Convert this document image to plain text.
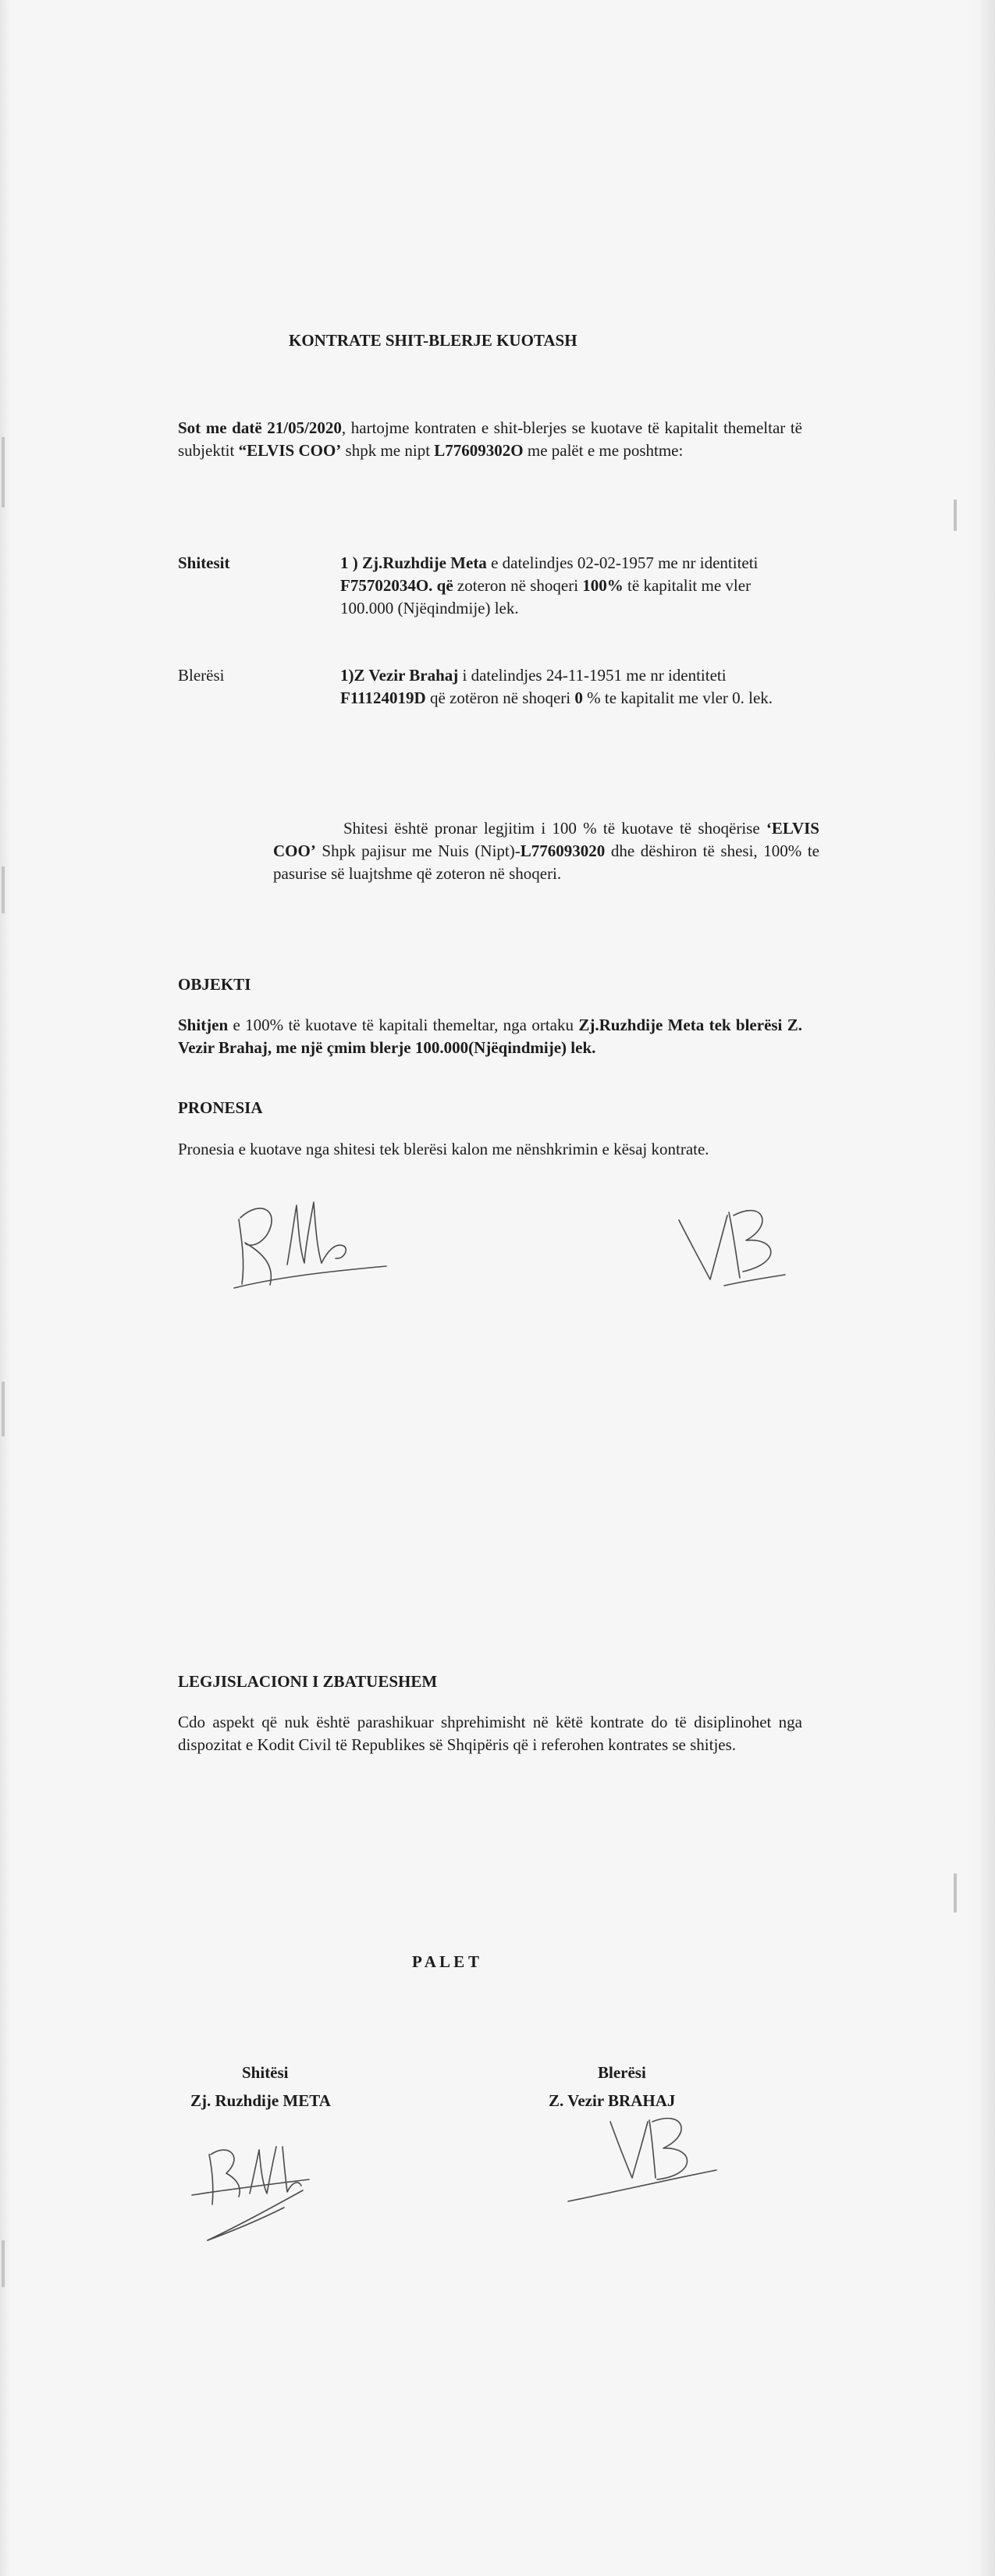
KONTRATE SHIT-BLERJE KUOTASH
Sot me datë 21/05/2020, hartojme kontraten e shit-blerjes se kuotave të kapitalit themeltar të subjektit “ELVIS COO’ shpk me nipt L77609302O me palët e me poshtme:
Shitesit	1 ) Zj.Ruzhdije Meta e datelindjes 02-02-1957 me nr identiteti F75702034O. që zoteron në shoqeri 100% të kapitalit me vler 100.000 (Njëqindmije) lek.
Blerësi	1)Z Vezir Brahaj i datelindjes 24-11-1951 me nr identiteti F11124019D që zotëron në shoqeri 0 % te kapitalit me vler 0. lek.
Shitesi është pronar legjitim i 100 % të kuotave të shoqërise ‘ELVIS COO’ Shpk pajisur me Nuis (Nipt)-L776093020 dhe dëshiron të shesi, 100% te pasurise së luajtshme që zoteron në shoqeri.
OBJEKTI
Shitjen e 100% të kuotave të kapitali themeltar, nga ortaku Zj.Ruzhdije Meta tek blerësi Z. Vezir Brahaj, me një çmim blerje 100.000(Njëqindmije) lek.
PRONESIA
Pronesia e kuotave nga shitesi tek blerësi kalon me nënshkrimin e kësaj kontrate.
LEGJISLACIONI I ZBATUESHEM
Cdo aspekt që nuk është parashikuar shprehimisht në këtë kontrate do të disiplinohet nga dispozitat e Kodit Civil të Republikes së Shqipëris që i referohen kontrates se shitjes.
P A L E T
Shitësi
Zj. Ruzhdije META
Blerësi
Z. Vezir BRAHAJ
